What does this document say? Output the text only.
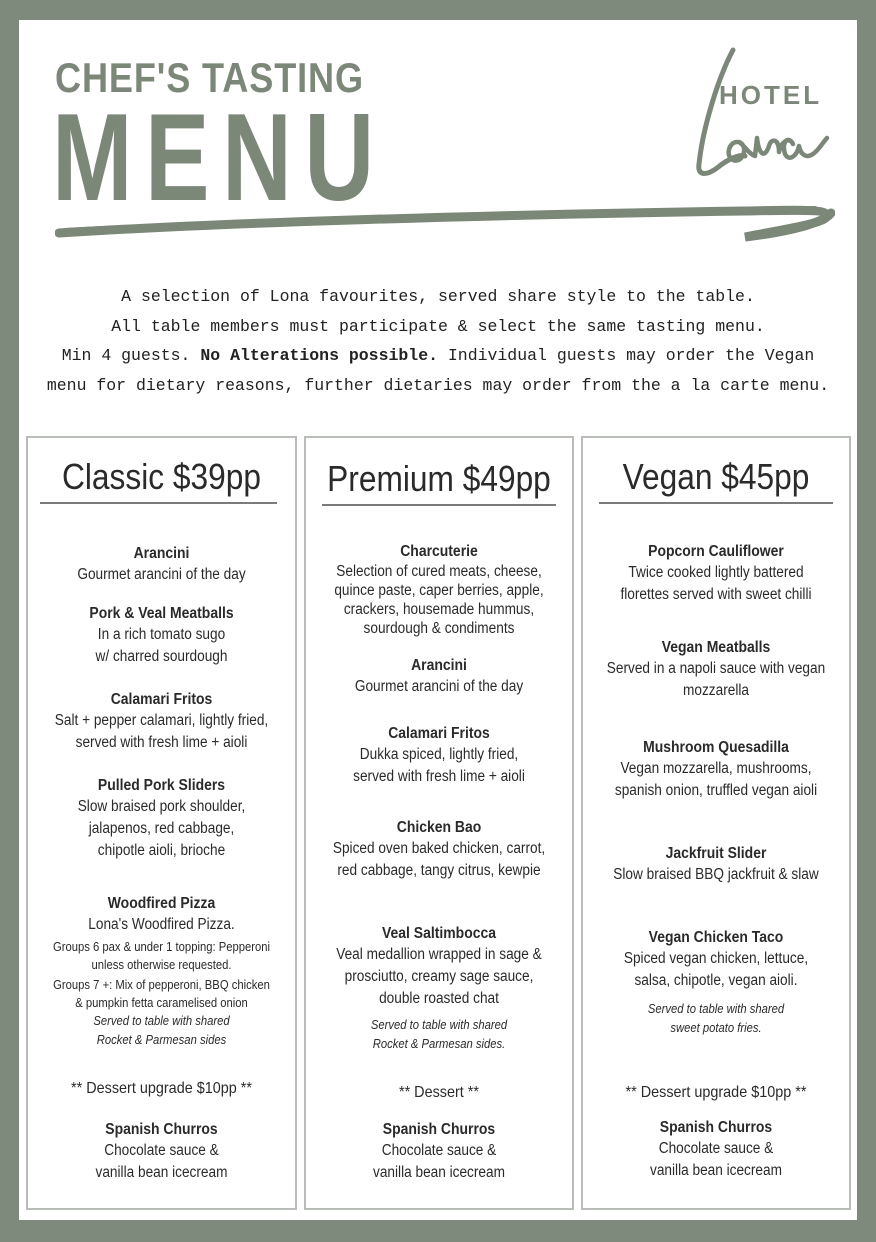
CHEF'S TASTING
MENU	HOTEL
A selection of Lona favourites, served share style to the table.
All table members must participate & select the same tasting menu.
Min 4 guests. No Alterations possible. Individual guests may order the Vegan
menu for dietary reasons, further dietaries may order from the a la carte menu.
Classic $39pp
Arancini
Gourmet arancini of the day
Pork & Veal Meatballs
In a rich tomato sugo
w/ charred sourdough
Calamari Fritos
Salt + pepper calamari, lightly fried,
served with fresh lime + aioli
Pulled Pork Sliders
Slow braised pork shoulder,
jalapenos, red cabbage,
chipotle aioli, brioche
Woodfired Pizza
Lona's Woodfired Pizza.
Groups 6 pax & under 1 topping: Pepperoni
unless otherwise requested.
Groups 7 +: Mix of pepperoni, BBQ chicken
& pumpkin fetta caramelised onion
Served to table with shared
Rocket & Parmesan sides
** Dessert upgrade $10pp **
Spanish Churros
Chocolate sauce &
vanilla bean icecream
Premium $49pp
Charcuterie
Selection of cured meats, cheese,
quince paste, caper berries, apple,
crackers, housemade hummus,
sourdough & condiments
Arancini
Gourmet arancini of the day
Calamari Fritos
Dukka spiced, lightly fried,
served with fresh lime + aioli
Chicken Bao
Spiced oven baked chicken, carrot,
red cabbage, tangy citrus, kewpie
Veal Saltimbocca
Veal medallion wrapped in sage &
prosciutto, creamy sage sauce,
double roasted chat
Served to table with shared
Rocket & Parmesan sides.
** Dessert **
Spanish Churros
Chocolate sauce &
vanilla bean icecream
Vegan $45pp
Popcorn Cauliflower
Twice cooked lightly battered
florettes served with sweet chilli
Vegan Meatballs
Served in a napoli sauce with vegan
mozzarella
Mushroom Quesadilla
Vegan mozzarella, mushrooms,
spanish onion, truffled vegan aioli
Jackfruit Slider
Slow braised BBQ jackfruit & slaw
Vegan Chicken Taco
Spiced vegan chicken, lettuce,
salsa, chipotle, vegan aioli.
Served to table with shared
sweet potato fries.
** Dessert upgrade $10pp **
Spanish Churros
Chocolate sauce &
vanilla bean icecream
